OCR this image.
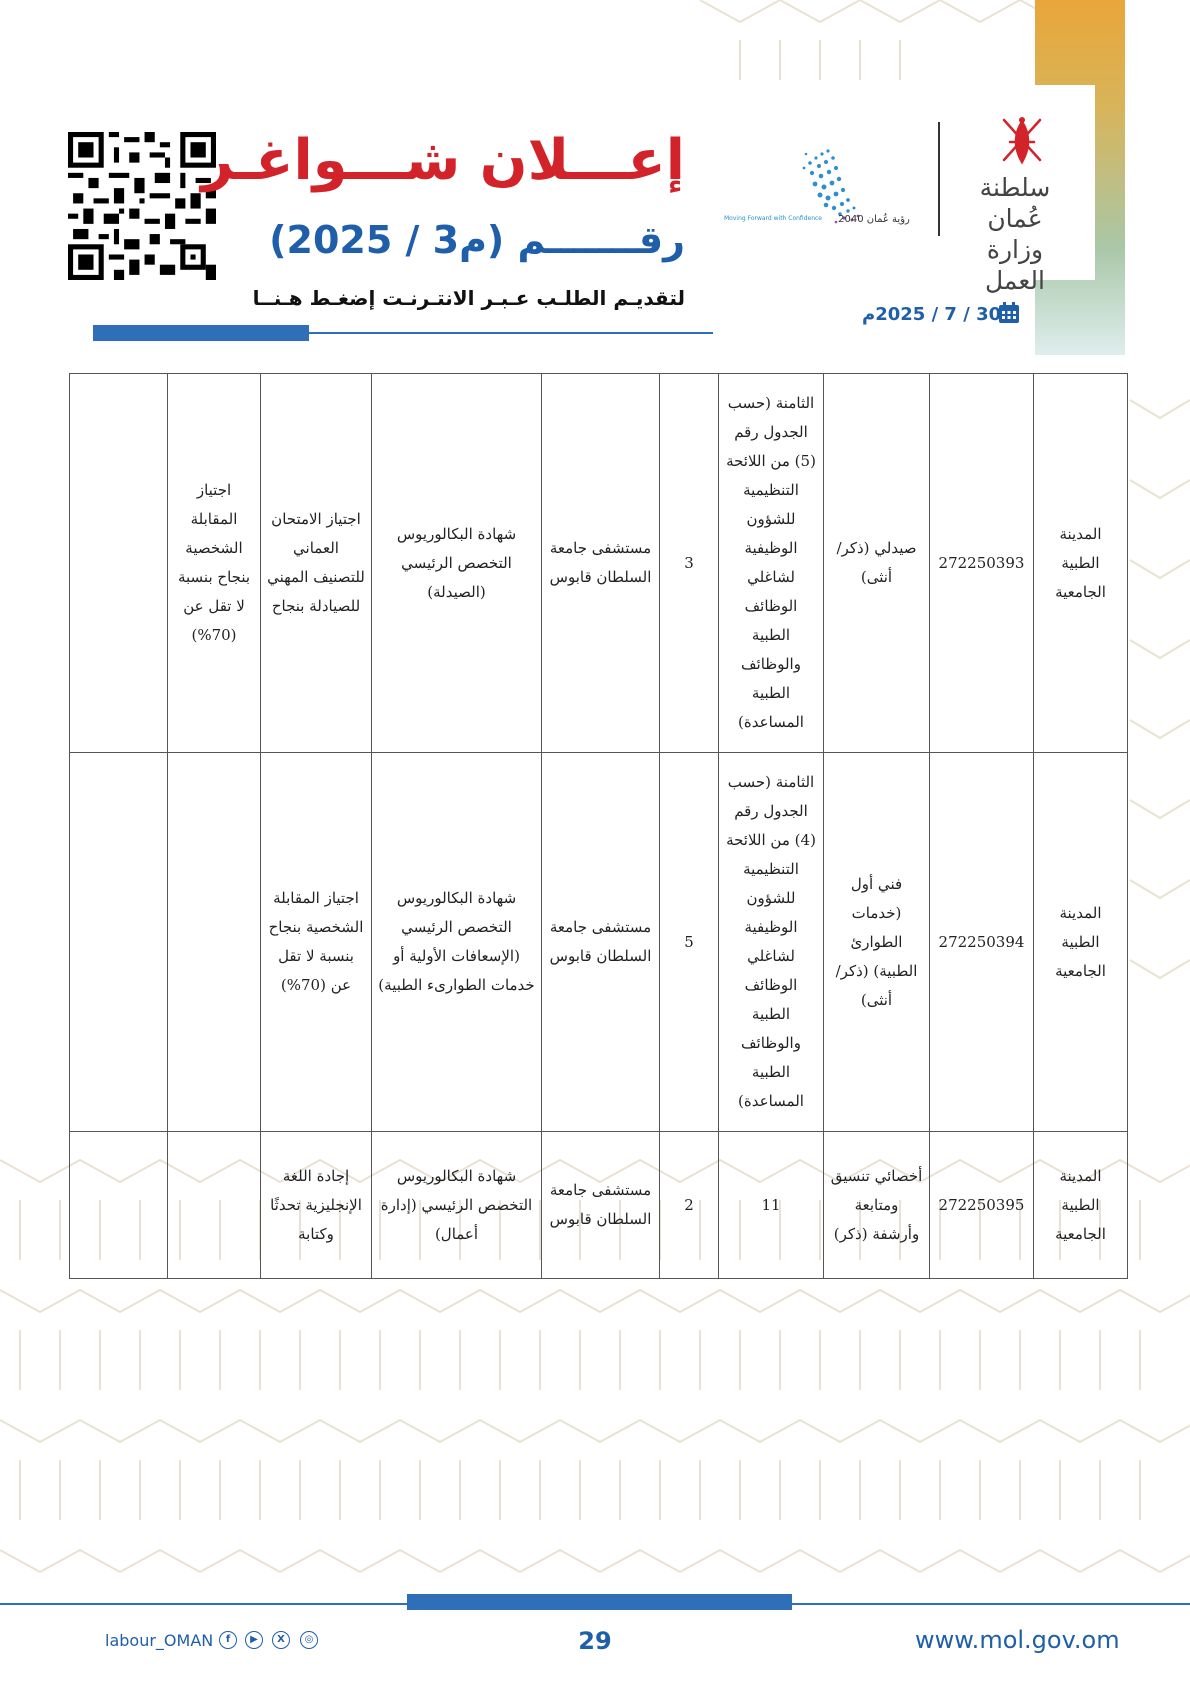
إعـــلان شـــواغـر
رقـــــــم (م3 / 2025)
لتقديـم الطلـب عـبـر الانتـرنـت إضغـط هـنــا
30 / 7 / 2025م
رؤية عُمان 2040
Moving Forward with Confidence
سلطنة عُمان
وزارة العمل
المدينة الطبية الجامعية	272250393	صيدلي (ذكر/ أنثى)	الثامنة (حسب الجدول رقم (5) من اللائحة التنظيمية للشؤون الوظيفية لشاغلي الوظائف الطبية والوظائف الطبية المساعدة)	3	مستشفى جامعة السلطان قابوس	شهادة البكالوريوس التخصص الرئيسي (الصيدلة)	اجتياز الامتحان العماني للتصنيف المهني للصيادلة بنجاح	اجتياز المقابلة الشخصية بنجاح بنسبة لا تقل عن (70%)	
المدينة الطبية الجامعية	272250394	فني أول (خدمات الطوارئ الطبية) (ذكر/أنثى)	الثامنة (حسب الجدول رقم (4) من اللائحة التنظيمية للشؤون الوظيفية لشاغلي الوظائف الطبية والوظائف الطبية المساعدة)	5	مستشفى جامعة السلطان قابوس	شهادة البكالوريوس التخصص الرئيسي (الإسعافات الأولية أو خدمات الطوارىء الطبية)	اجتياز المقابلة الشخصية بنجاح بنسبة لا تقل عن (70%)		
المدينة الطبية الجامعية	272250395	أخصائي تنسيق ومتابعة وأرشفة (ذكر)	11	2	مستشفى جامعة السلطان قابوس	شهادة البكالوريوس التخصص الرئيسي (إدارة أعمال)	إجادة اللغة الإنجليزية تحدثًا وكتابة		
29	www.mol.gov.om
labour_OMAN	f	▶	X	◎
